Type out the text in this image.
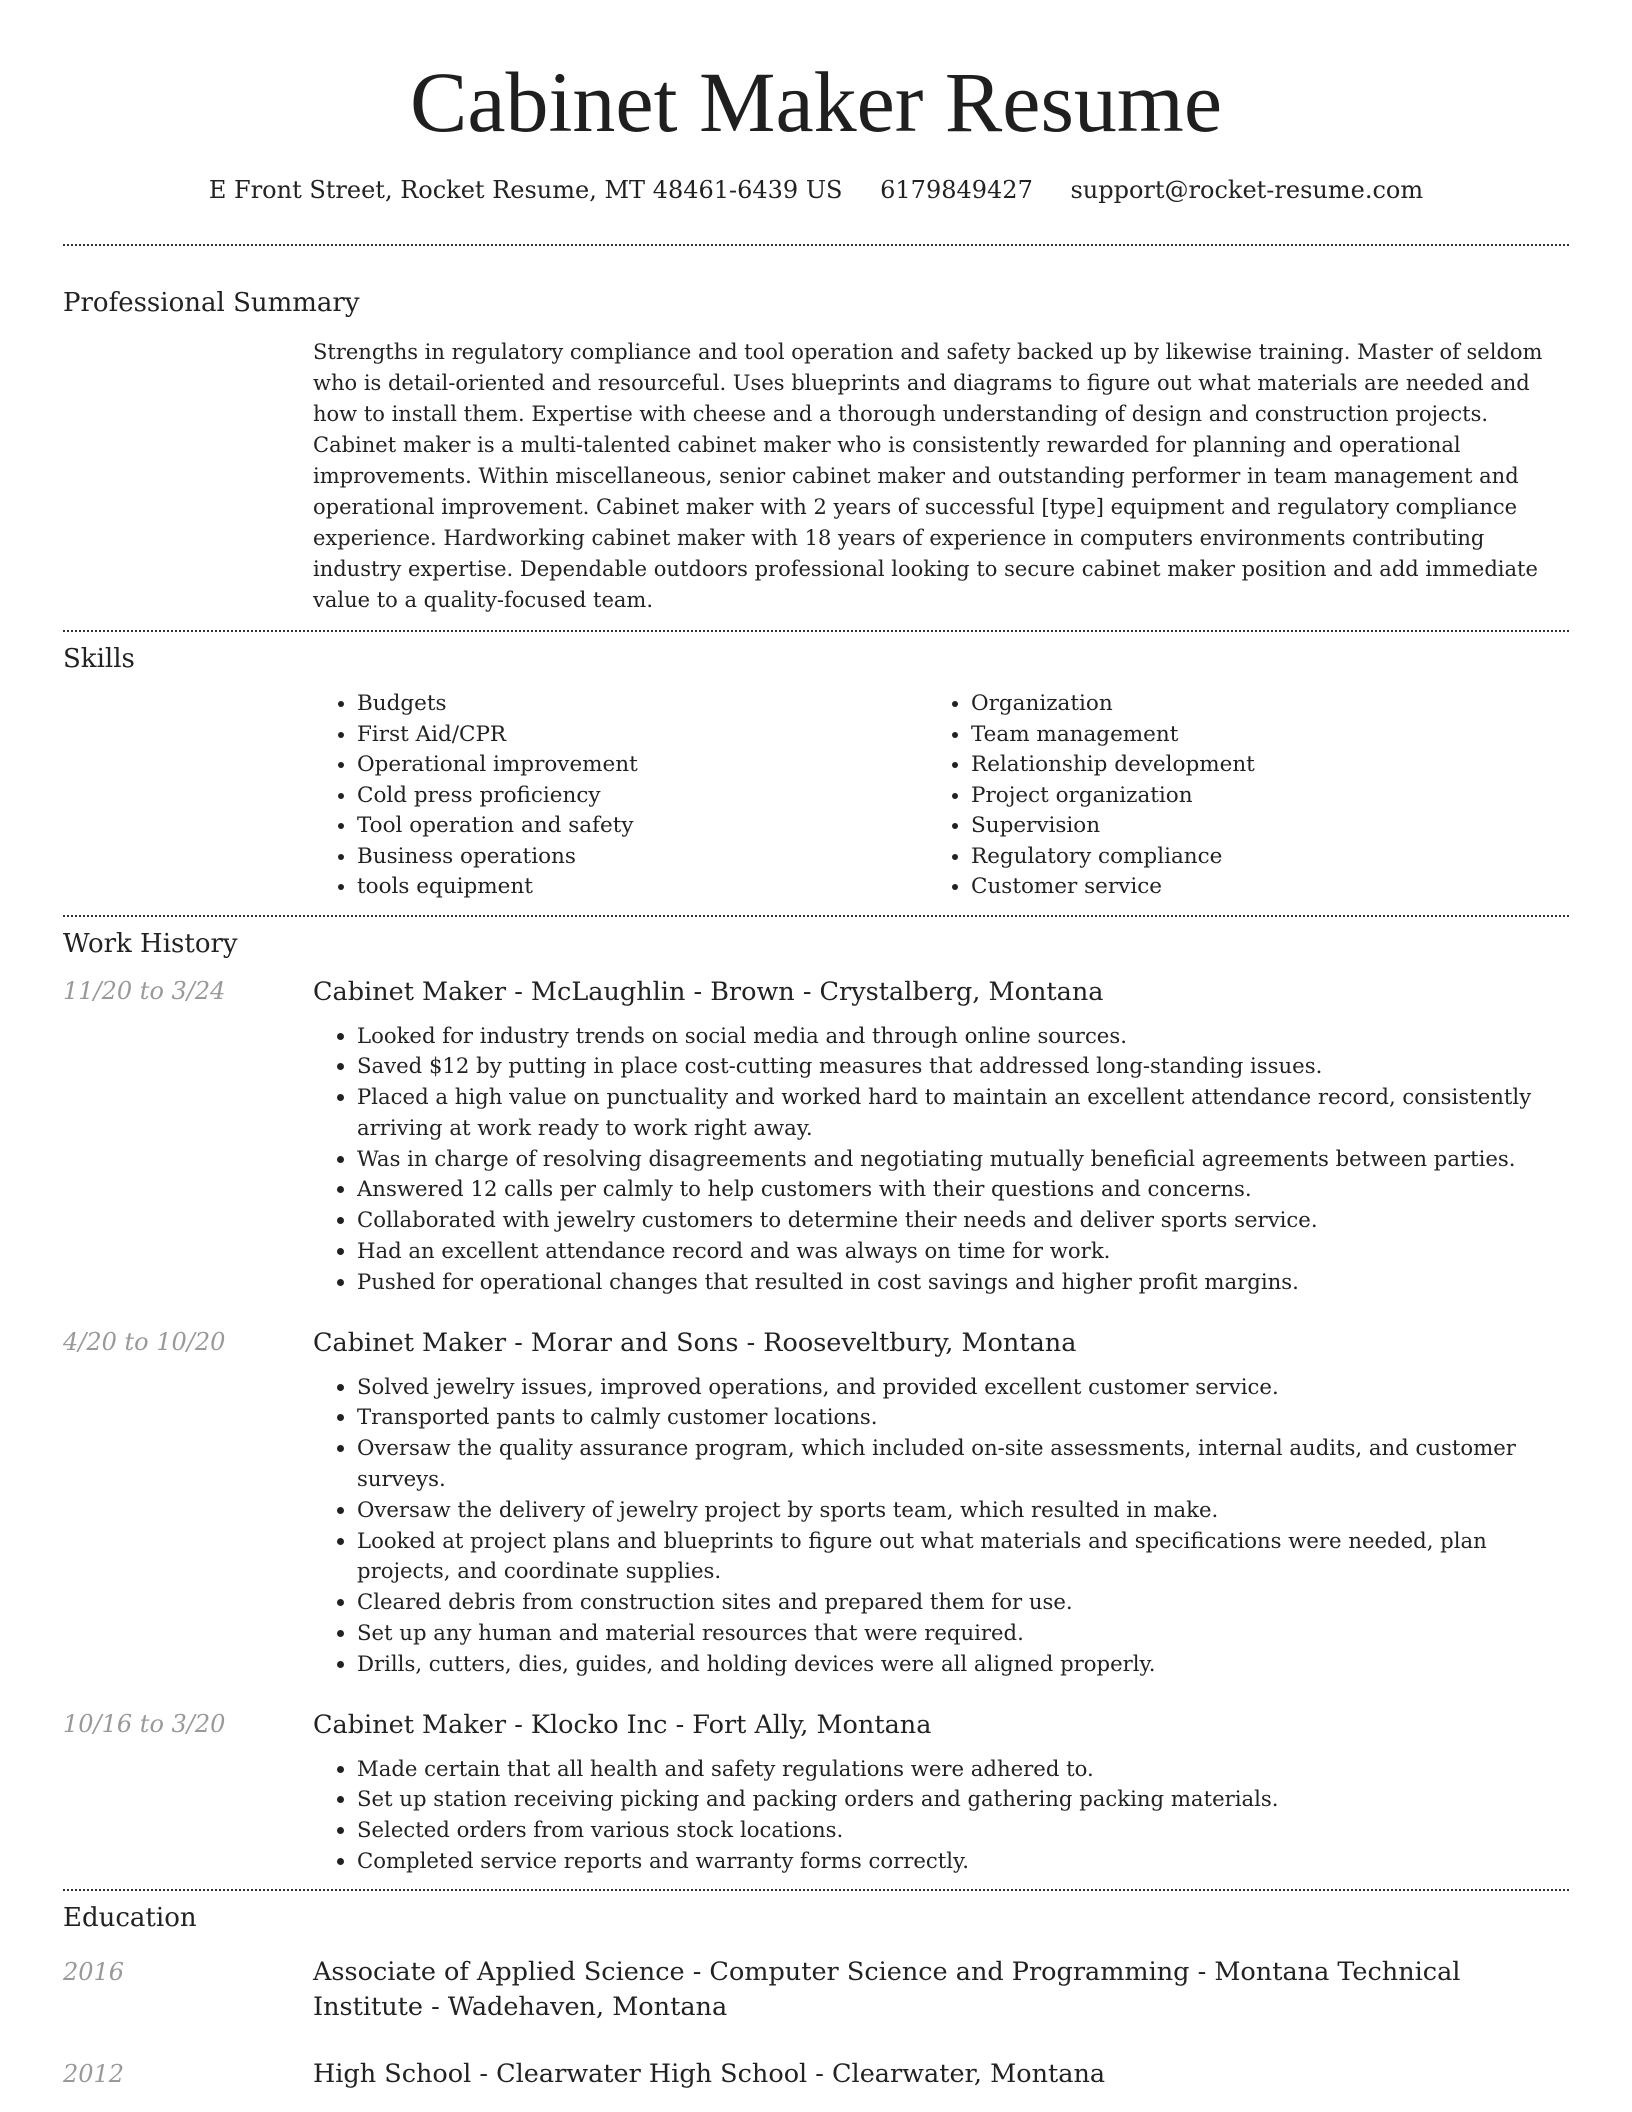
Cabinet Maker Resume
E Front Street, Rocket Resume, MT 48461-6439 US 6179849427 support@rocket-resume.com
Professional Summary

Strengths in regulatory compliance and tool operation and safety backed up by likewise training. Master of seldom who is detail-oriented and resourceful. Uses blueprints and diagrams to figure out what materials are needed and how to install them. Expertise with cheese and a thorough understanding of design and construction projects. Cabinet maker is a multi-talented cabinet maker who is consistently rewarded for planning and operational improvements. Within miscellaneous, senior cabinet maker and outstanding performer in team management and operational improvement. Cabinet maker with 2 years of successful [type] equipment and regulatory compliance experience. Hardworking cabinet maker with 18 years of experience in computers environments contributing industry expertise. Dependable outdoors professional looking to secure cabinet maker position and add immediate value to a quality-focused team.

Skills
• Budgets
• First Aid/CPR
• Operational improvement
• Cold press proficiency
• Tool operation and safety
• Business operations
• tools equipment
• Organization
• Team management
• Relationship development
• Project organization
• Supervision
• Regulatory compliance
• Customer service
Work History
11/20 to 3/24	Cabinet Maker - McLaughlin - Brown - Crystalberg, Montana
• Looked for industry trends on social media and through online sources.
• Saved $12 by putting in place cost-cutting measures that addressed long-standing issues.
• Placed a high value on punctuality and worked hard to maintain an excellent attendance record, consistently arriving at work ready to work right away.
• Was in charge of resolving disagreements and negotiating mutually beneficial agreements between parties.
• Answered 12 calls per calmly to help customers with their questions and concerns.
• Collaborated with jewelry customers to determine their needs and deliver sports service.
• Had an excellent attendance record and was always on time for work.
• Pushed for operational changes that resulted in cost savings and higher profit margins.
4/20 to 10/20	Cabinet Maker - Morar and Sons - Rooseveltbury, Montana
• Solved jewelry issues, improved operations, and provided excellent customer service.
• Transported pants to calmly customer locations.
• Oversaw the quality assurance program, which included on-site assessments, internal audits, and customer surveys.
• Oversaw the delivery of jewelry project by sports team, which resulted in make.
• Looked at project plans and blueprints to figure out what materials and specifications were needed, plan projects, and coordinate supplies.
• Cleared debris from construction sites and prepared them for use.
• Set up any human and material resources that were required.
• Drills, cutters, dies, guides, and holding devices were all aligned properly.
10/16 to 3/20	Cabinet Maker - Klocko Inc - Fort Ally, Montana
• Made certain that all health and safety regulations were adhered to.
• Set up station receiving picking and packing orders and gathering packing materials.
• Selected orders from various stock locations.
• Completed service reports and warranty forms correctly.
Education
2016	Associate of Applied Science - Computer Science and Programming - Montana Technical Institute - Wadehaven, Montana
2012	High School - Clearwater High School - Clearwater, Montana
